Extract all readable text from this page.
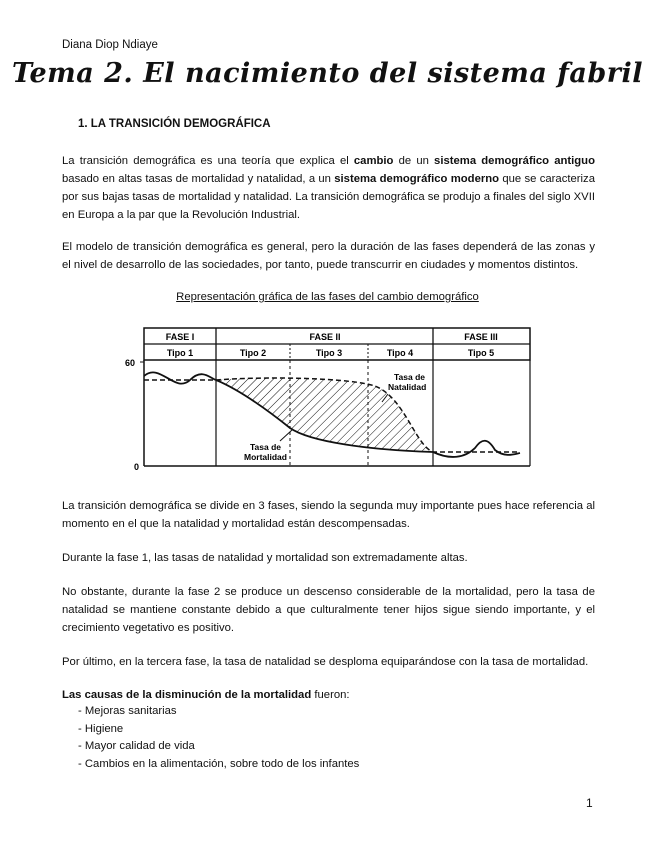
Diana Diop Ndiaye
Tema 2. El nacimiento del sistema fabril
1. LA TRANSICIÓN DEMOGRÁFICA
La transición demográfica es una teoría que explica el cambio de un sistema demográfico antiguo basado en altas tasas de mortalidad y natalidad, a un sistema demográfico moderno que se caracteriza por sus bajas tasas de mortalidad y natalidad. La transición demográfica se produjo a finales del siglo XVII en Europa a la par que la Revolución Industrial.
El modelo de transición demográfica es general, pero la duración de las fases dependerá de las zonas y el nivel de desarrollo de las sociedades, por tanto, puede transcurrir en ciudades y momentos distintos.
Representación gráfica de las fases del cambio demográfico
FASE I	FASE II	FASE III
Tipo 1	Tipo 2	Tipo 3	Tipo 4	Tipo 5
60
0
Tasa de
Natalidad
Tasa de
Mortalidad
La transición demográfica se divide en 3 fases, siendo la segunda muy importante pues hace referencia al momento en el que la natalidad y mortalidad están descompensadas.
Durante la fase 1, las tasas de natalidad y mortalidad son extremadamente altas.
No obstante, durante la fase 2 se produce un descenso considerable de la mortalidad, pero la tasa de natalidad se mantiene constante debido a que culturalmente tener hijos sigue siendo importante, y el crecimiento vegetativo es positivo.
Por último, en la tercera fase, la tasa de natalidad se desploma equiparándose con la tasa de mortalidad.
Las causas de la disminución de la mortalidad fueron:
- Mejoras sanitarias
- Higiene
- Mayor calidad de vida
- Cambios en la alimentación, sobre todo de los infantes
1
